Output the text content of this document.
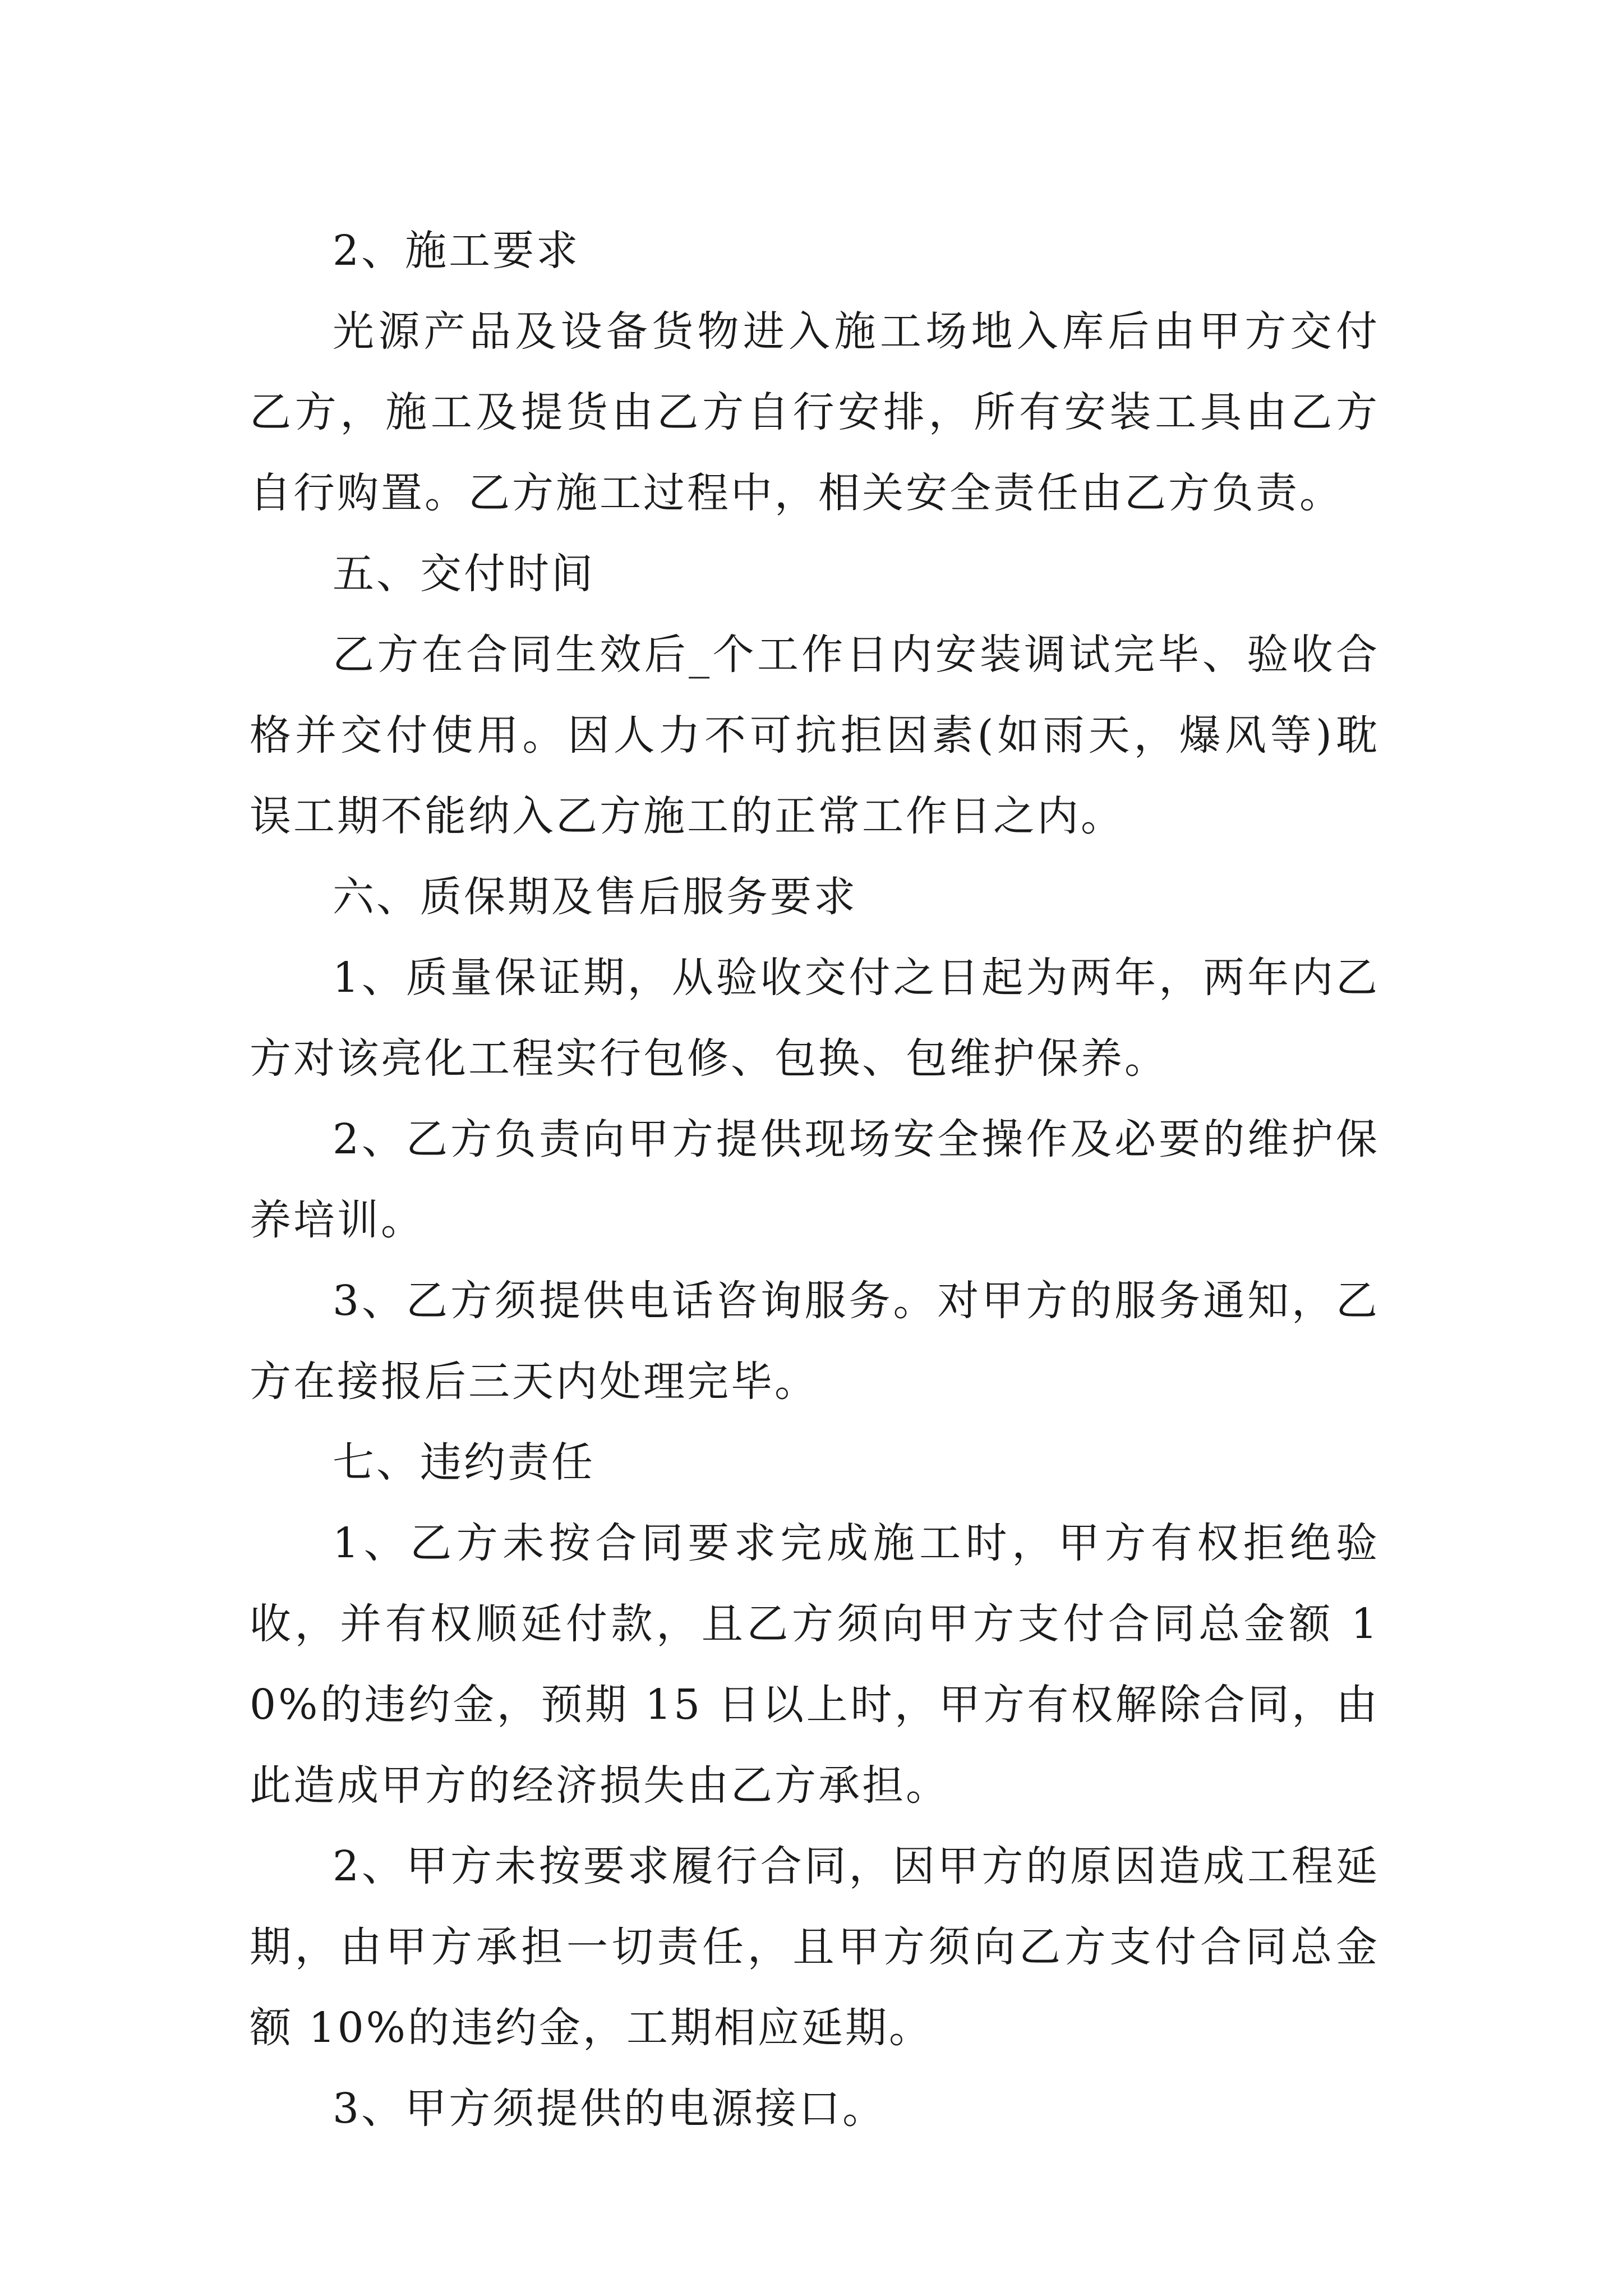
2、施工要求

光源产品及设备货物进入施工场地入库后由甲方交付乙方，施工及提货由乙方自行安排，所有安装工具由乙方自行购置。乙方施工过程中，相关安全责任由乙方负责。

五、交付时间

乙方在合同生效后_个工作日内安装调试完毕、验收合格并交付使用。因人力不可抗拒因素(如雨天，爆风等)耽误工期不能纳入乙方施工的正常工作日之内。

六、质保期及售后服务要求

1、质量保证期，从验收交付之日起为两年，两年内乙方对该亮化工程实行包修、包换、包维护保养。

2、乙方负责向甲方提供现场安全操作及必要的维护保养培训。

3、乙方须提供电话咨询服务。对甲方的服务通知，乙方在接报后三天内处理完毕。

七、违约责任

1、乙方未按合同要求完成施工时，甲方有权拒绝验收，并有权顺延付款，且乙方须向甲方支付合同总金额 10%的违约金，预期 15 日以上时，甲方有权解除合同，由此造成甲方的经济损失由乙方承担。

2、甲方未按要求履行合同，因甲方的原因造成工程延期，由甲方承担一切责任，且甲方须向乙方支付合同总金额 10%的违约金，工期相应延期。

3、甲方须提供的电源接口。
